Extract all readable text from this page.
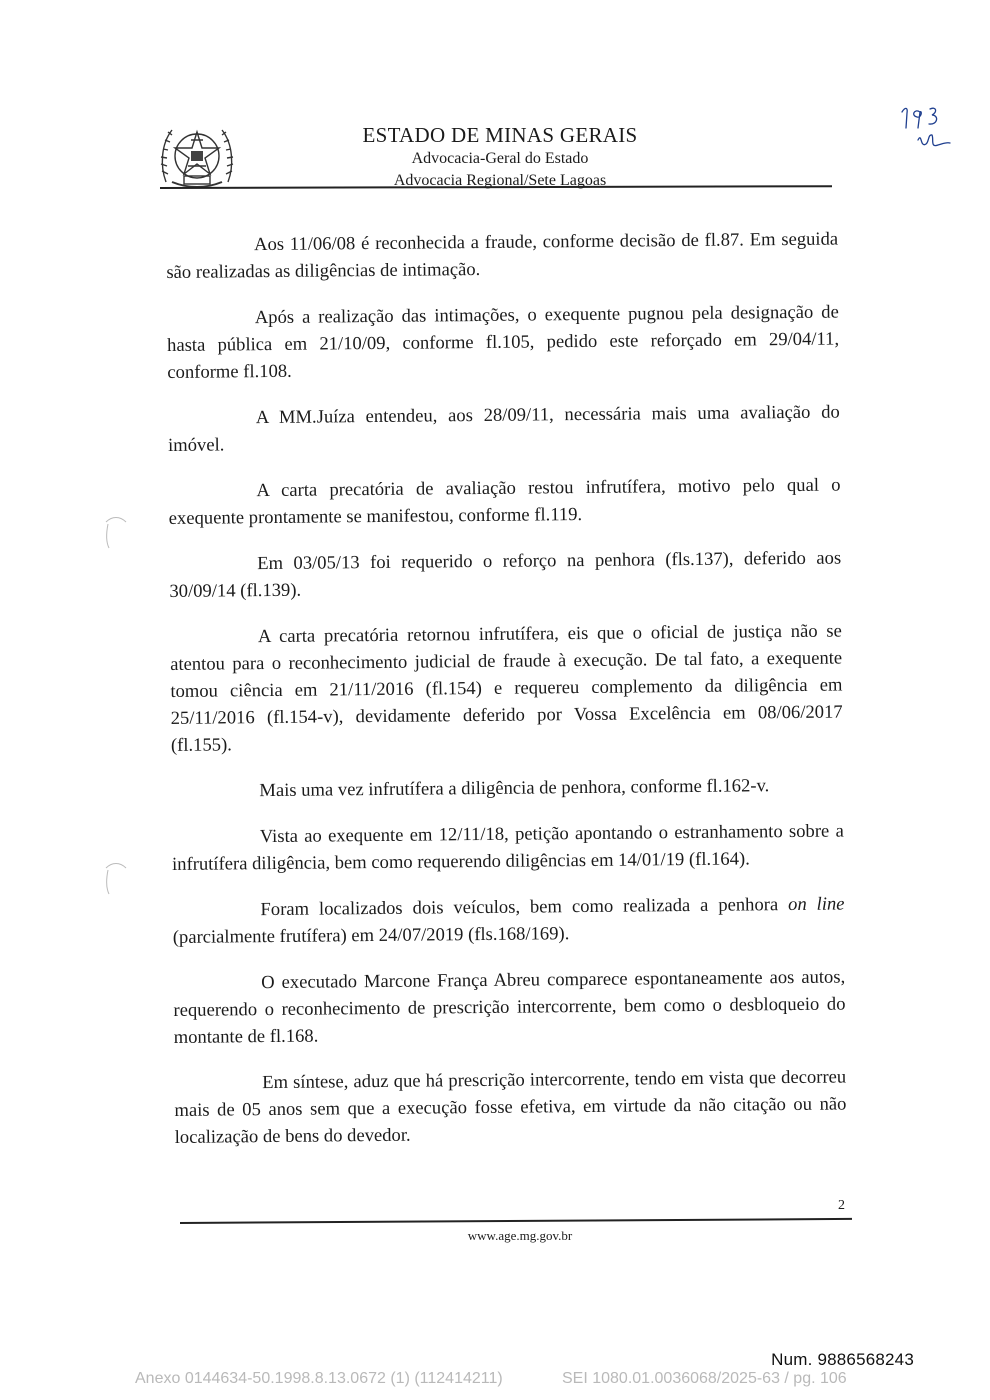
ESTADO DE MINAS GERAIS
Advocacia-Geral do Estado
Advocacia Regional/Sete Lagoas

Aos 11/06/08 é reconhecida a fraude, conforme decisão de fl.87. Em seguida são realizadas as diligências de intimação.

Após a realização das intimações, o exequente pugnou pela designação de hasta pública em 21/10/09, conforme fl.105, pedido este reforçado em 29/04/11, conforme fl.108.

A MM.Juíza entendeu, aos 28/09/11, necessária mais uma avaliação do imóvel.

A carta precatória de avaliação restou infrutífera, motivo pelo qual o exequente prontamente se manifestou, conforme fl.119.

Em 03/05/13 foi requerido o reforço na penhora (fls.137), deferido aos 30/09/14 (fl.139).

A carta precatória retornou infrutífera, eis que o oficial de justiça não se atentou para o reconhecimento judicial de fraude à execução. De tal fato, a exequente tomou ciência em 21/11/2016 (fl.154) e requereu complemento da diligência em 25/11/2016 (fl.154-v), devidamente deferido por Vossa Excelência em 08/06/2017 (fl.155).

Mais uma vez infrutífera a diligência de penhora, conforme fl.162-v.

Vista ao exequente em 12/11/18, petição apontando o estranhamento sobre a infrutífera diligência, bem como requerendo diligências em 14/01/19 (fl.164).

Foram localizados dois veículos, bem como realizada a penhora on line (parcialmente frutífera) em 24/07/2019 (fls.168/169).

O executado Marcone França Abreu comparece espontaneamente aos autos, requerendo o reconhecimento de prescrição intercorrente, bem como o desbloqueio do montante de fl.168.

Em síntese, aduz que há prescrição intercorrente, tendo em vista que decorreu mais de 05 anos sem que a execução fosse efetiva, em virtude da não citação ou não localização de bens do devedor.

2
www.age.mg.gov.br
Num. 9886568243
Anexo 0144634-50.1998.8.13.0672 (1) (112414211)	SEI 1080.01.0036068/2025-63 / pg. 106
